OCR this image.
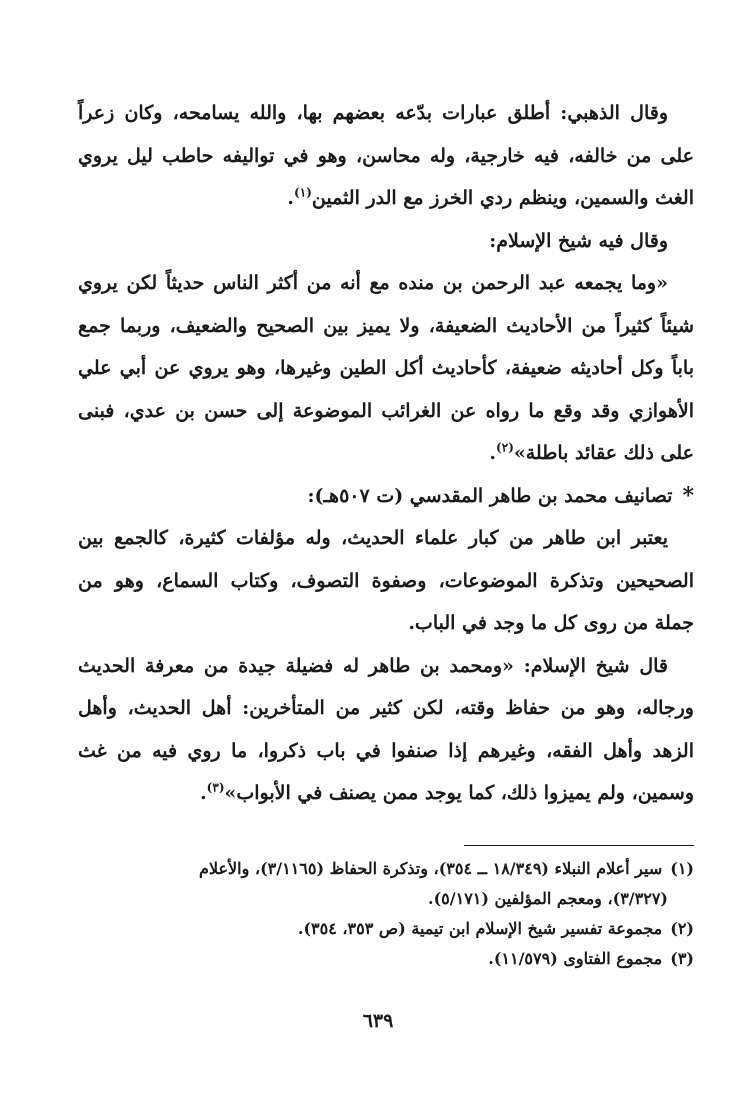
وقال الذهبي: أطلق عبارات بدّعه بعضهم بها، والله يسامحه، وكان زعراً على من خالفه، فيه خارجية، وله محاسن، وهو في تواليفه حاطب ليل يروي الغث والسمين، وينظم ردي الخرز مع الدر الثمين$^{(١)}$.

وقال فيه شيخ الإسلام:

«وما يجمعه عبد الرحمن بن منده مع أنه من أكثر الناس حديثاً لكن يروي شيئاً كثيراً من الأحاديث الضعيفة، ولا يميز بين الصحيح والضعيف، وربما جمع باباً وكل أحاديثه ضعيفة، كأحاديث أكل الطين وغيرها، وهو يروي عن أبي علي الأهوازي وقد وقع ما رواه عن الغرائب الموضوعة إلى حسن بن عدي، فبنى على ذلك عقائد باطلة»$^{(٢)}$.

*
تصانيف محمد بن طاهر المقدسي (ت ٥٠٧هـ):

يعتبر ابن طاهر من كبار علماء الحديث، وله مؤلفات كثيرة، كالجمع بين الصحيحين وتذكرة الموضوعات، وصفوة التصوف، وكتاب السماع، وهو من جملة من روى كل ما وجد في الباب.

قال شيخ الإسلام: «ومحمد بن طاهر له فضيلة جيدة من معرفة الحديث ورجاله، وهو من حفاظ وقته، لكن كثير من المتأخرين: أهل الحديث، وأهل الزهد وأهل الفقه، وغيرهم إذا صنفوا في باب ذكروا، ما روي فيه من غث وسمين، ولم يميزوا ذلك، كما يوجد ممن يصنف في الأبواب»$^{(٣)}$.

(١)سير أعلام النبلاء (١٨/٣٤٩ ــ ٣٥٤)، وتذكرة الحفاظ (٣/١١٦٥)، والأعلام

(٣/٣٢٧)، ومعجم المؤلفين (٥/١٧١).

(٢)مجموعة تفسير شيخ الإسلام ابن تيمية (ص ٣٥٣، ٣٥٤).

(٣)مجموع الفتاوى (١١/٥٧٩).

٦٣٩
